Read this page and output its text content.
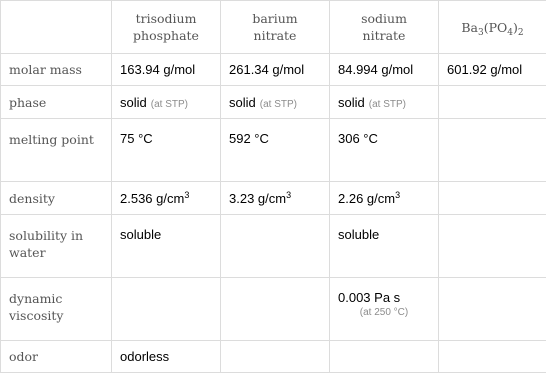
	trisodium phosphate	barium nitrate	sodium nitrate	$Ba_3(PO_4)_2$
molar mass	163.94 g/mol	261.34 g/mol	84.994 g/mol	601.92 g/mol
phase	solid (at STP)	solid (at STP)	solid (at STP)	
melting point	75 °C	592 °C	306 °C	
density	2.536 $g/cm^3$	3.23 $g/cm^3$	2.26 $g/cm^3$	
solubility in water	soluble		soluble	
dynamic viscosity			0.003 Pa s
(at 250 °C)	

odor	odorless			
